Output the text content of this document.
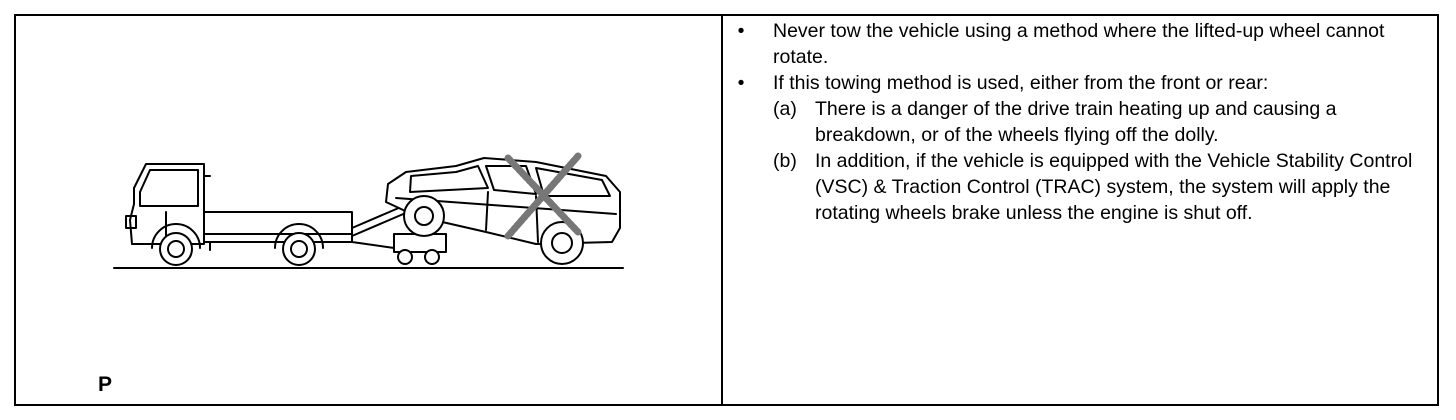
P
•	Never tow the vehicle using a method where the lifted-up wheel cannot rotate.
•	If this towing method is used, either from the front or rear:
(a) There is a danger of the drive train heating up and causing a breakdown, or of the wheels flying off the dolly.
(b) In addition, if the vehicle is equipped with the Vehicle Stability Control (VSC) & Traction Control (TRAC) system, the system will apply the rotating wheels brake unless the engine is shut off.
